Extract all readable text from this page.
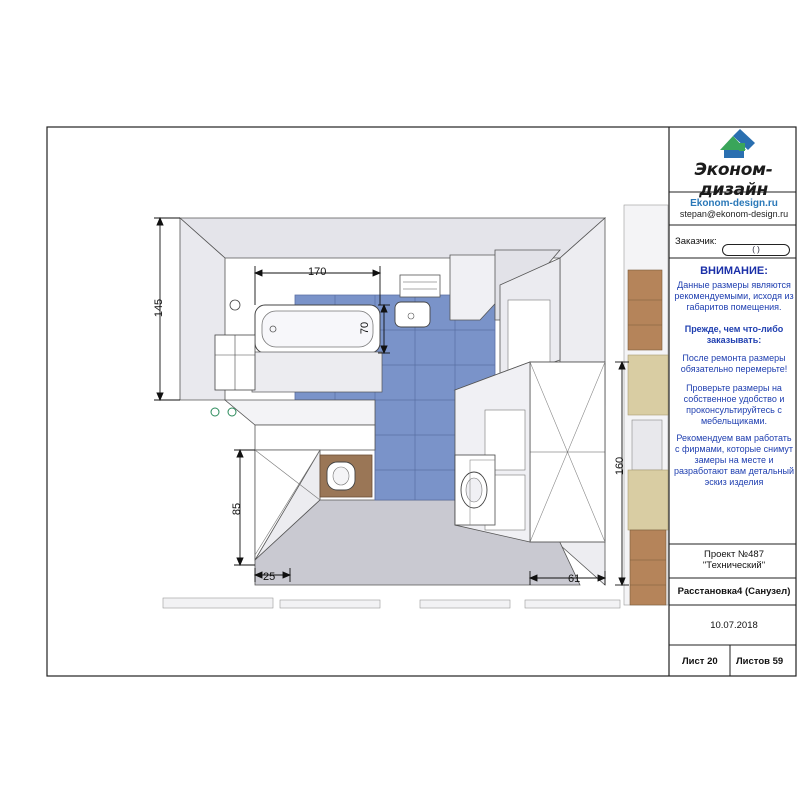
170
70
145
85
25	61
160
Эконом-дизайн
Ekonom-design.ru
stepan@ekonom-design.ru
Заказчик:
( )
ВНИМАНИЕ:
Данные размеры являются рекомендуемыми, исходя из габаритов помещения.
Прежде, чем что-либо заказывать:
После ремонта размеры обязательно перемерьте!
Проверьте размеры на собственное удобство и проконсультируйтесь с мебельщиками.
Рекомендуем вам работать с фирмами, которые снимут замеры на месте и разработают вам детальный эскиз изделия
Проект №487
"Технический"
Расстановка4 (Санузел)
10.07.2018
Лист 20 Листов 59
